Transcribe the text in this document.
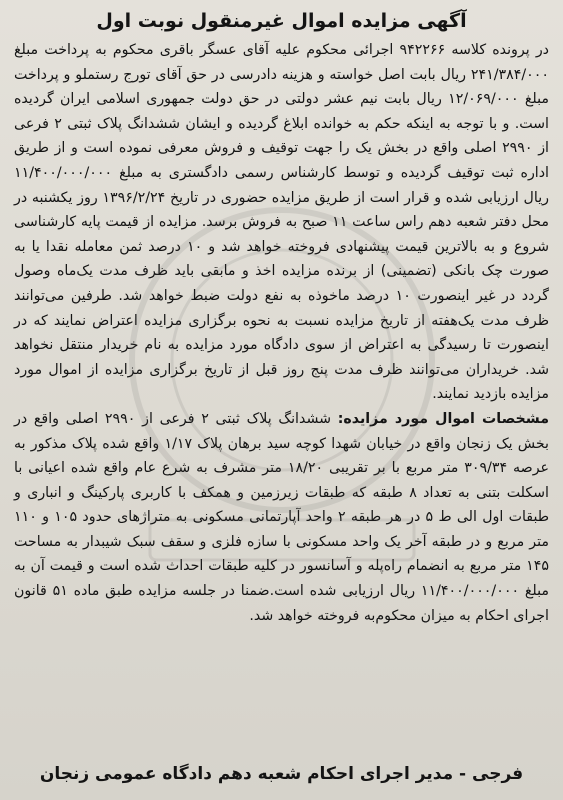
آگهی مزایده اموال غیرمنقول نوبت اول

در پرونده کلاسه ۹۴۲۲۶۶ اجرائی محکوم علیه آقای عسگر باقری محکوم به پرداخت مبلغ ۲۴۱/۳۸۴/۰۰۰ ریال بابت اصل خواسته و هزینه دادرسی در حق آقای تورج رستملو و پرداخت مبلغ ۱۲/۰۶۹/۰۰۰ ریال بابت نیم عشر دولتی در حق دولت جمهوری اسلامی ایران گردیده است. و با توجه به اینکه حکم به خوانده ابلاغ گردیده و ایشان ششدانگ پلاک ثبتی ۲ فرعی از ۲۹۹۰ اصلی واقع در بخش یک را جهت توقیف و فروش معرفی نموده است و از طریق اداره ثبت توقیف گردیده و توسط کارشناس رسمی دادگستری به مبلغ ۱۱/۴۰۰/۰۰۰/۰۰۰ ریال ارزیابی شده و قرار است از طریق مزایده حضوری در تاریخ ۱۳۹۶/۲/۲۴ روز یکشنبه در محل دفتر شعبه دهم راس ساعت ۱۱ صبح به فروش برسد. مزایده از قیمت پایه کارشناسی شروع و به بالاترین قیمت پیشنهادی فروخته خواهد شد و ۱۰ درصد ثمن معامله نقدا یا به صورت چک بانکی (تضمینی) از برنده مزایده اخذ و مابقی باید ظرف مدت یک‌ماه وصول گردد در غیر اینصورت ۱۰ درصد ماخوذه به نفع دولت ضبط خواهد شد. طرفین می‌توانند ظرف مدت یک‌هفته از تاریخ مزایده نسبت به نحوه برگزاری مزایده اعتراض نمایند که در اینصورت تا رسیدگی به اعتراض از سوی دادگاه مورد مزایده به نام خریدار منتقل نخواهد شد. خریداران می‌توانند ظرف مدت پنج روز قبل از تاریخ برگزاری مزایده از اموال مورد مزایده بازدید نمایند.

مشخصات اموال مورد مزایده: ششدانگ پلاک ثبتی ۲ فرعی از ۲۹۹۰ اصلی واقع در بخش یک زنجان واقع در خیابان شهدا کوچه سید برهان پلاک ۱/۱۷ واقع شده پلاک مذکور به عرصه ۳۰۹/۳۴ متر مربع با بر تقریبی ۱۸/۲۰ متر مشرف به شرع عام واقع شده اعیانی با اسکلت بتنی به تعداد ۸ طبقه که طبقات زیرزمین و همکف با کاربری پارکینگ و انباری و طبقات اول الی ط ۵ در هر طبقه ۲ واحد آپارتمانی مسکونی به متراژهای حدود ۱۰۵ و ۱۱۰ متر مربع و در طبقه آخر یک واحد مسکونی با سازه فلزی و سقف سبک شیبدار به مساحت ۱۴۵ متر مربع به انضمام راه‌پله و آسانسور در کلیه طبقات احداث شده است و قیمت آن به مبلغ ۱۱/۴۰۰/۰۰۰/۰۰۰ ریال ارزیابی شده است.ضمنا در جلسه مزایده طبق ماده ۵۱ قانون اجرای احکام به میزان محکوم‌به فروخته خواهد شد.

فرجی - مدیر اجرای احکام شعبه دهم دادگاه عمومی زنجان
